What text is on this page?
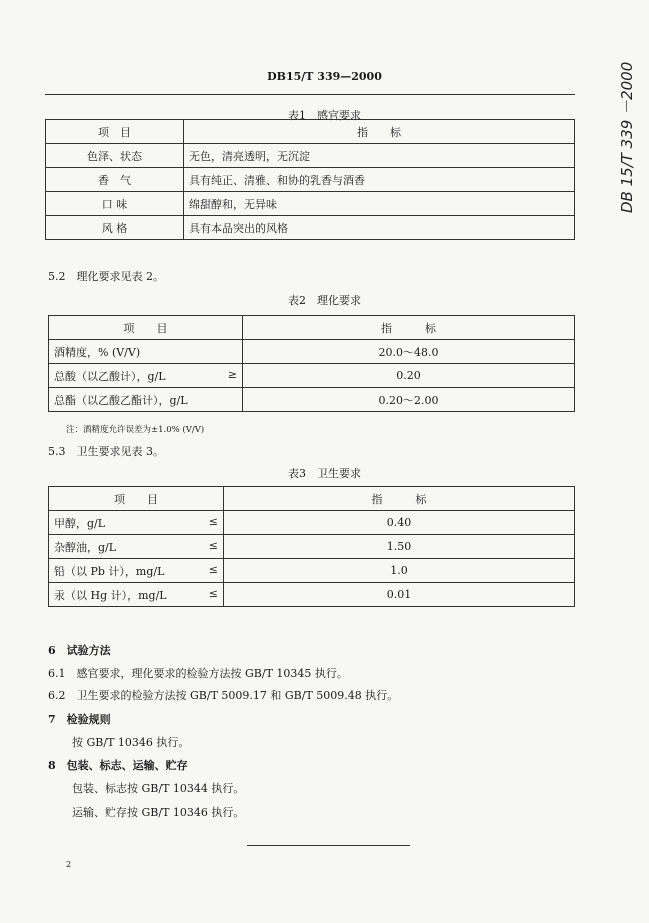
DB15/T 339—2000	DB 15/T 339 －2000
表1　感官要求
项　目	指　　标
色泽、状态	无色，清亮透明，无沉淀
香　气	具有纯正、清雅、和协的乳香与酒香
口 味	绵甜醇和，无异味
风 格	具有本品突出的风格
5.2　理化要求见表 2。
表2　理化要求
项　　目	指　　　标

酒精度，% (V/V)	20.0～48.0

总酸（以乙酸计），g/L ≥	0.20

总酯（以乙酸乙酯计），g/L	0.20～2.00
注：酒精度允许误差为±1.0% (V/V)
5.3　卫生要求见表 3。
表3　卫生要求
项　　目	指　　　标

甲醇，g/L ≤	0.40

杂醇油，g/L ≤	1.50

铅（以 Pb 计），mg/L ≤	1.0

汞（以 Hg 计），mg/L ≤	0.01
6　试验方法
6.1　感官要求，理化要求的检验方法按 GB/T 10345 执行。
6.2　卫生要求的检验方法按 GB/T 5009.17 和 GB/T 5009.48 执行。
7　检验规则
按 GB/T 10346 执行。
8　包装、标志、运输、贮存
包装、标志按 GB/T 10344 执行。
运输、贮存按 GB/T 10346 执行。
2
